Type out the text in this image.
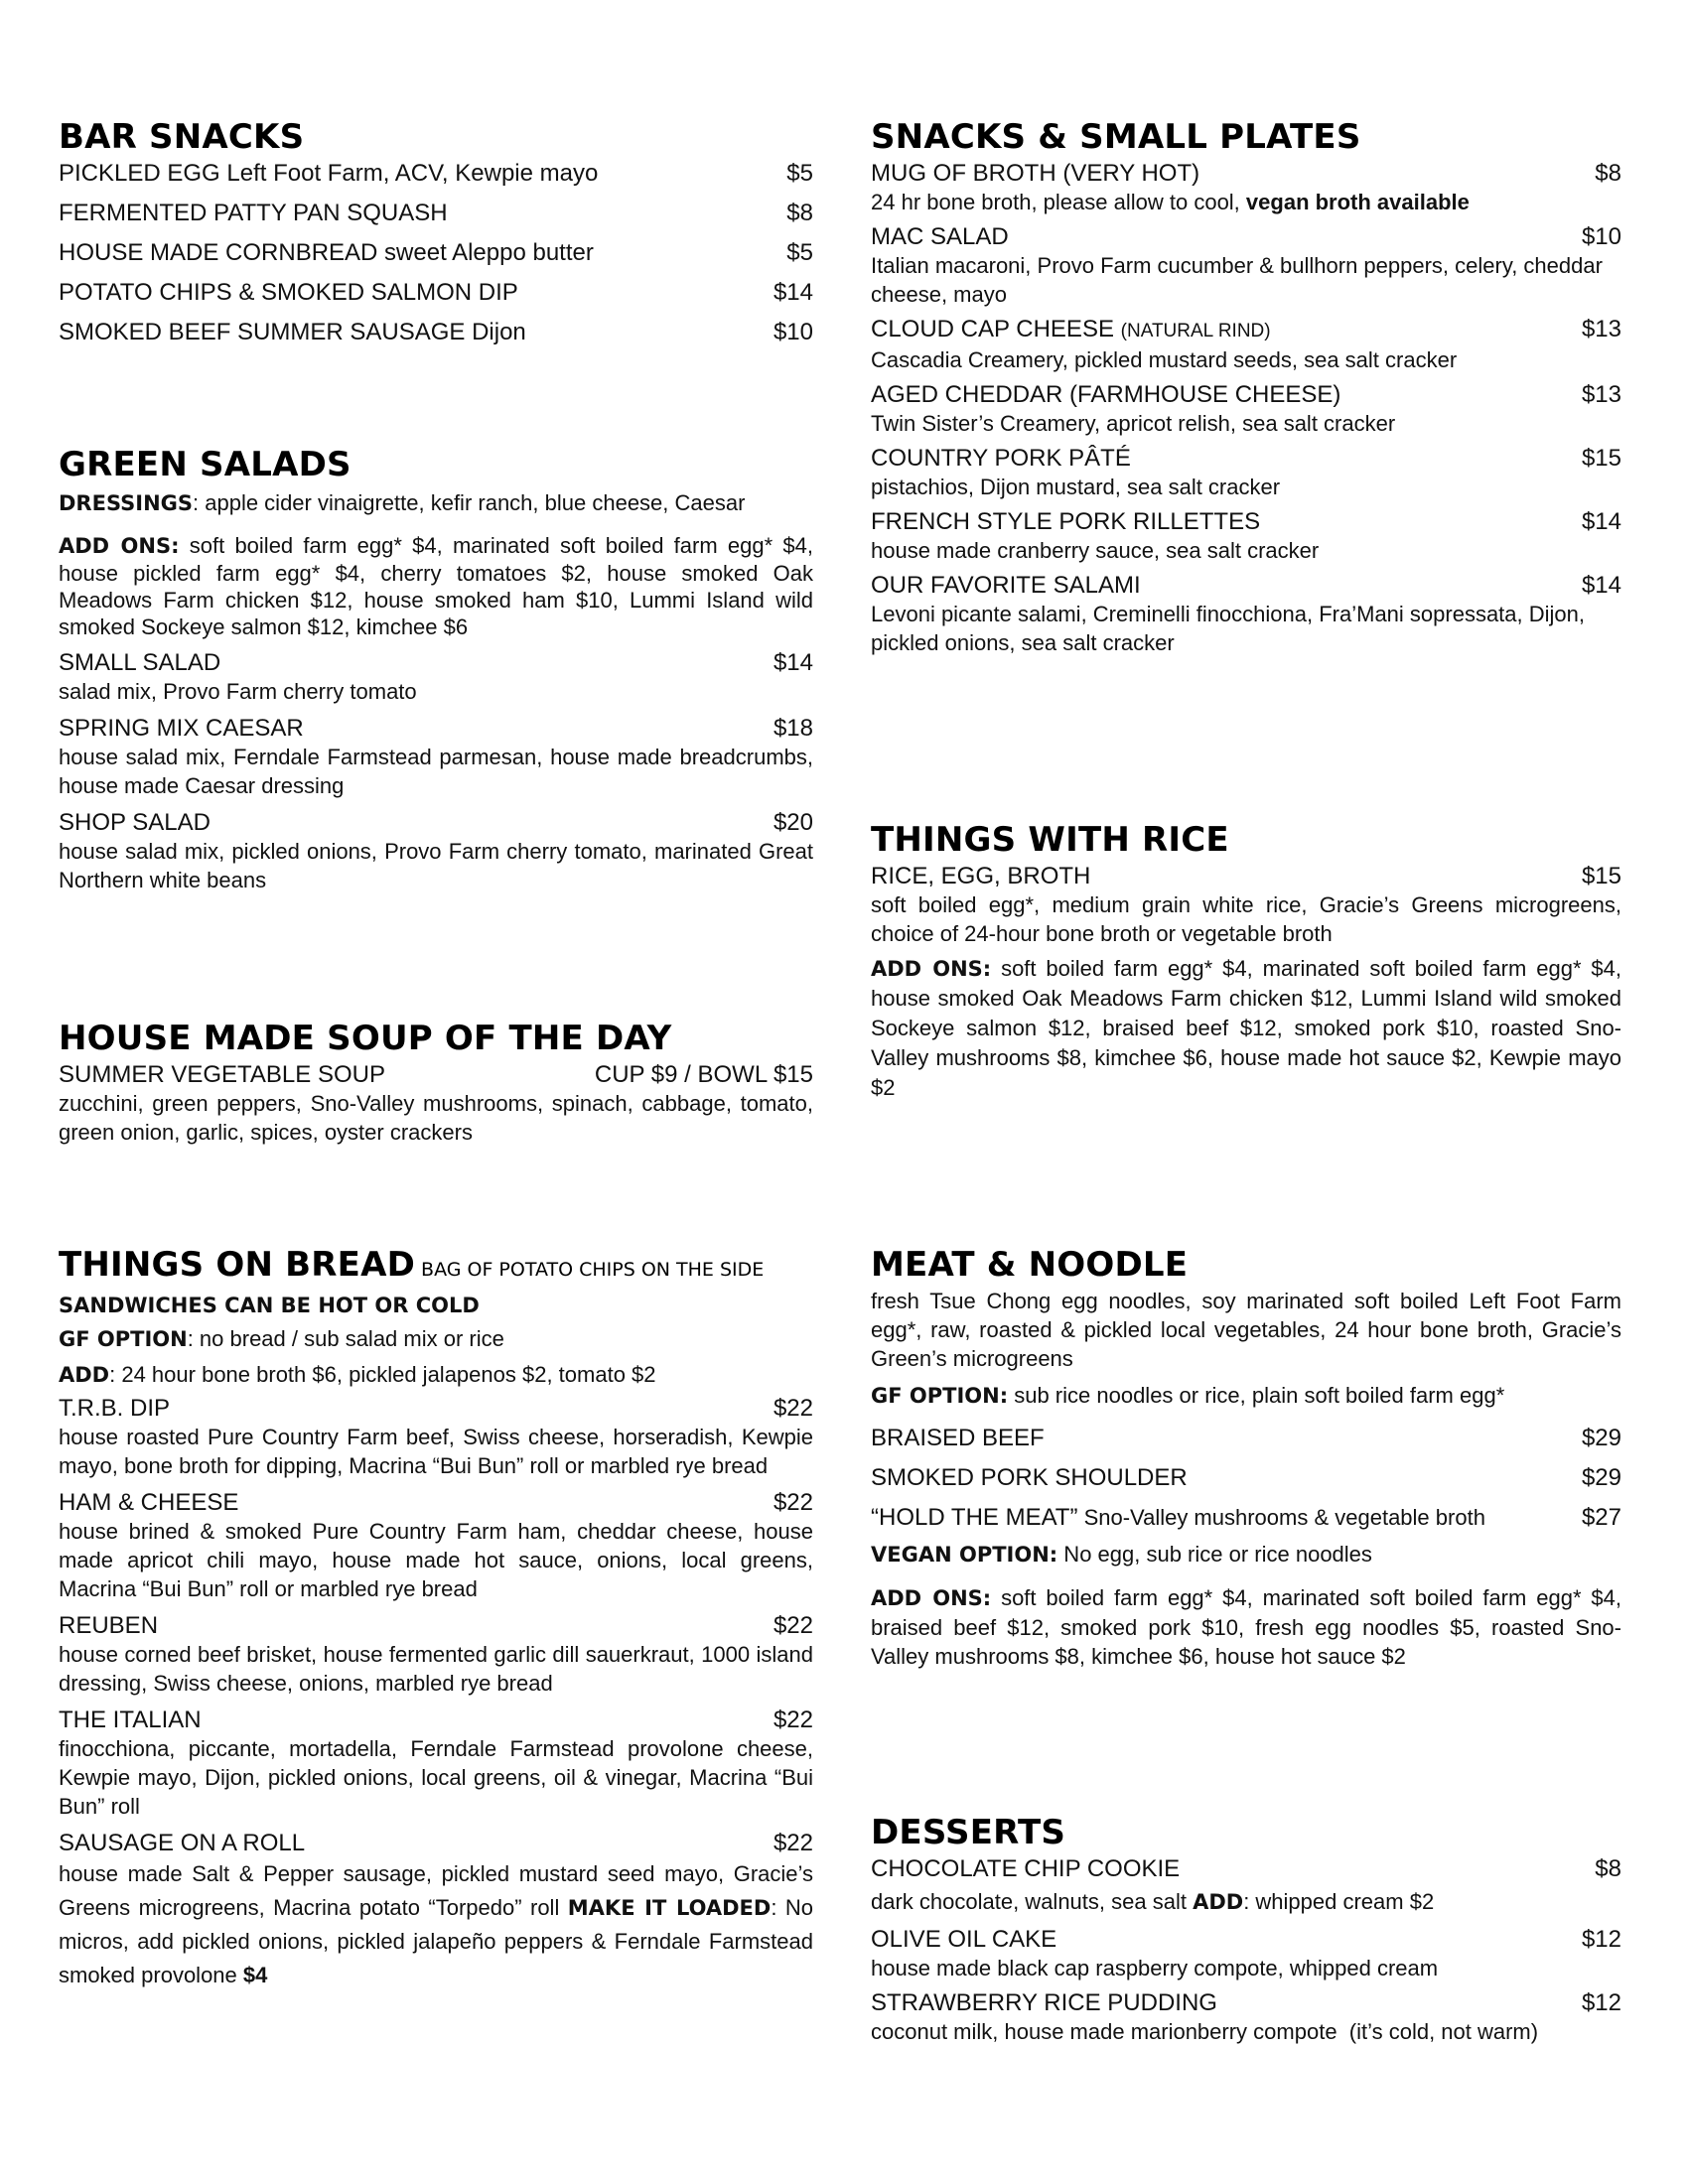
BAR SNACKS
PICKLED EGG Left Foot Farm, ACV, Kewpie mayo	$5
FERMENTED PATTY PAN SQUASH	$8
HOUSE MADE CORNBREAD sweet Aleppo butter	$5
POTATO CHIPS & SMOKED SALMON DIP	$14
SMOKED BEEF SUMMER SAUSAGE Dijon	$10
GREEN SALADS
DRESSINGS: apple cider vinaigrette, kefir ranch, blue cheese, Caesar
ADD ONS: soft boiled farm egg* $4, marinated soft boiled farm egg* $4, house pickled farm egg* $4, cherry tomatoes $2, house smoked Oak Meadows Farm chicken $12, house smoked ham $10, Lummi Island wild smoked Sockeye salmon $12, kimchee $6
SMALL SALAD	$14
salad mix, Provo Farm cherry tomato
SPRING MIX CAESAR	$18
house salad mix, Ferndale Farmstead parmesan, house made breadcrumbs, house made Caesar dressing
SHOP SALAD	$20
house salad mix, pickled onions, Provo Farm cherry tomato, marinated Great Northern white beans
HOUSE MADE SOUP OF THE DAY
SUMMER VEGETABLE SOUP	CUP $9 / BOWL $15
zucchini, green peppers, Sno-Valley mushrooms, spinach, cabbage, tomato, green onion, garlic, spices, oyster crackers
THINGS ON BREAD BAG OF POTATO CHIPS ON THE SIDE
SANDWICHES CAN BE HOT OR COLD
GF OPTION: no bread / sub salad mix or rice
ADD: 24 hour bone broth $6, pickled jalapenos $2, tomato $2
T.R.B. DIP	$22
house roasted Pure Country Farm beef, Swiss cheese, horseradish, Kewpie mayo, bone broth for dipping, Macrina “Bui Bun” roll or marbled rye bread
HAM & CHEESE	$22
house brined & smoked Pure Country Farm ham, cheddar cheese, house made apricot chili mayo, house made hot sauce, onions, local greens, Macrina “Bui Bun” roll or marbled rye bread
REUBEN	$22
house corned beef brisket, house fermented garlic dill sauerkraut, 1000 island dressing, Swiss cheese, onions, marbled rye bread
THE ITALIAN	$22
finocchiona, piccante, mortadella, Ferndale Farmstead provolone cheese, Kewpie mayo, Dijon, pickled onions, local greens, oil & vinegar, Macrina “Bui Bun” roll
SAUSAGE ON A ROLL	$22
house made Salt & Pepper sausage, pickled mustard seed mayo, Gracie’s Greens microgreens, Macrina potato “Torpedo” roll MAKE IT LOADED: No micros, add pickled onions, pickled jalapeño peppers & Ferndale Farmstead smoked provolone $4
SNACKS & SMALL PLATES
MUG OF BROTH (VERY HOT)	$8
24 hr bone broth, please allow to cool, vegan broth available
MAC SALAD	$10
Italian macaroni, Provo Farm cucumber & bullhorn peppers, celery, cheddar cheese, mayo
CLOUD CAP CHEESE (NATURAL RIND)	$13
Cascadia Creamery, pickled mustard seeds, sea salt cracker
AGED CHEDDAR (FARMHOUSE CHEESE)	$13
Twin Sister’s Creamery, apricot relish, sea salt cracker
COUNTRY PORK PÂTÉ	$15
pistachios, Dijon mustard, sea salt cracker
FRENCH STYLE PORK RILLETTES	$14
house made cranberry sauce, sea salt cracker
OUR FAVORITE SALAMI	$14
Levoni picante salami, Creminelli finocchiona, Fra’Mani sopressata, Dijon, pickled onions, sea salt cracker
THINGS WITH RICE
RICE, EGG, BROTH	$15
soft boiled egg*, medium grain white rice, Gracie’s Greens microgreens, choice of 24-hour bone broth or vegetable broth
ADD ONS: soft boiled farm egg* $4, marinated soft boiled farm egg* $4, house smoked Oak Meadows Farm chicken $12, Lummi Island wild smoked Sockeye salmon $12, braised beef $12, smoked pork $10, roasted Sno-Valley mushrooms $8, kimchee $6, house made hot sauce $2, Kewpie mayo $2
MEAT & NOODLE
fresh Tsue Chong egg noodles, soy marinated soft boiled Left Foot Farm egg*, raw, roasted & pickled local vegetables, 24 hour bone broth, Gracie’s Green’s microgreens
GF OPTION: sub rice noodles or rice, plain soft boiled farm egg*
BRAISED BEEF	$29
SMOKED PORK SHOULDER	$29
“HOLD THE MEAT” Sno-Valley mushrooms & vegetable broth	$27
VEGAN OPTION: No egg, sub rice or rice noodles
ADD ONS: soft boiled farm egg* $4, marinated soft boiled farm egg* $4, braised beef $12, smoked pork $10, fresh egg noodles $5, roasted Sno-Valley mushrooms $8, kimchee $6, house hot sauce $2
DESSERTS
CHOCOLATE CHIP COOKIE	$8
dark chocolate, walnuts, sea salt ADD: whipped cream $2
OLIVE OIL CAKE	$12
house made black cap raspberry compote, whipped cream
STRAWBERRY RICE PUDDING	$12
coconut milk, house made marionberry compote  (it’s cold, not warm)
